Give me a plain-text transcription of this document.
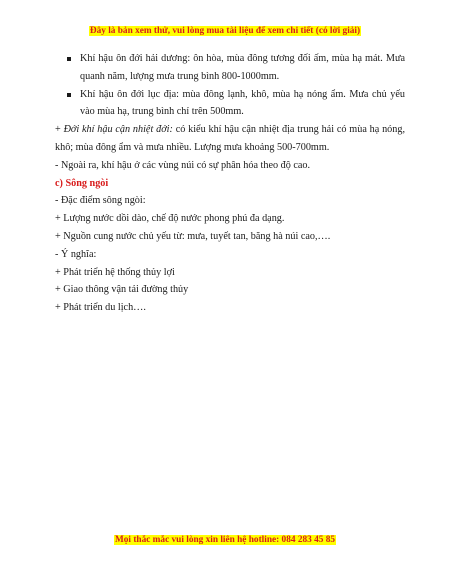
Đây là bản xem thử, vui lòng mua tài liệu để xem chi tiết (có lời giải)
Khí hậu ôn đới hải dương: ôn hòa, mùa đông tương đối ấm, mùa hạ mát. Mưa quanh năm, lượng mưa trung bình 800-1000mm.
Khí hậu ôn đới lục địa: mùa đông lạnh, khô, mùa hạ nóng ẩm. Mưa chủ yếu vào mùa hạ, trung bình chỉ trên 500mm.

+ Đới khí hậu cận nhiệt đới: có kiểu khí hậu cận nhiệt địa trung hải có mùa hạ nóng, khô; mùa đông ẩm và mưa nhiều. Lượng mưa khoảng 500-700mm.

- Ngoài ra, khí hậu ở các vùng núi có sự phân hóa theo độ cao.

c) Sông ngòi

- Đặc điểm sông ngòi:

+ Lượng nước dồi dào, chế độ nước phong phú đa dạng.

+ Nguồn cung nước chủ yếu từ: mưa, tuyết tan, băng hà núi cao,….

- Ý nghĩa:

+ Phát triển hệ thống thủy lợi

+ Giao thông vận tải đường thủy

+ Phát triển du lịch….

Mọi thắc mắc vui lòng xin liên hệ hotline: 084 283 45 85
